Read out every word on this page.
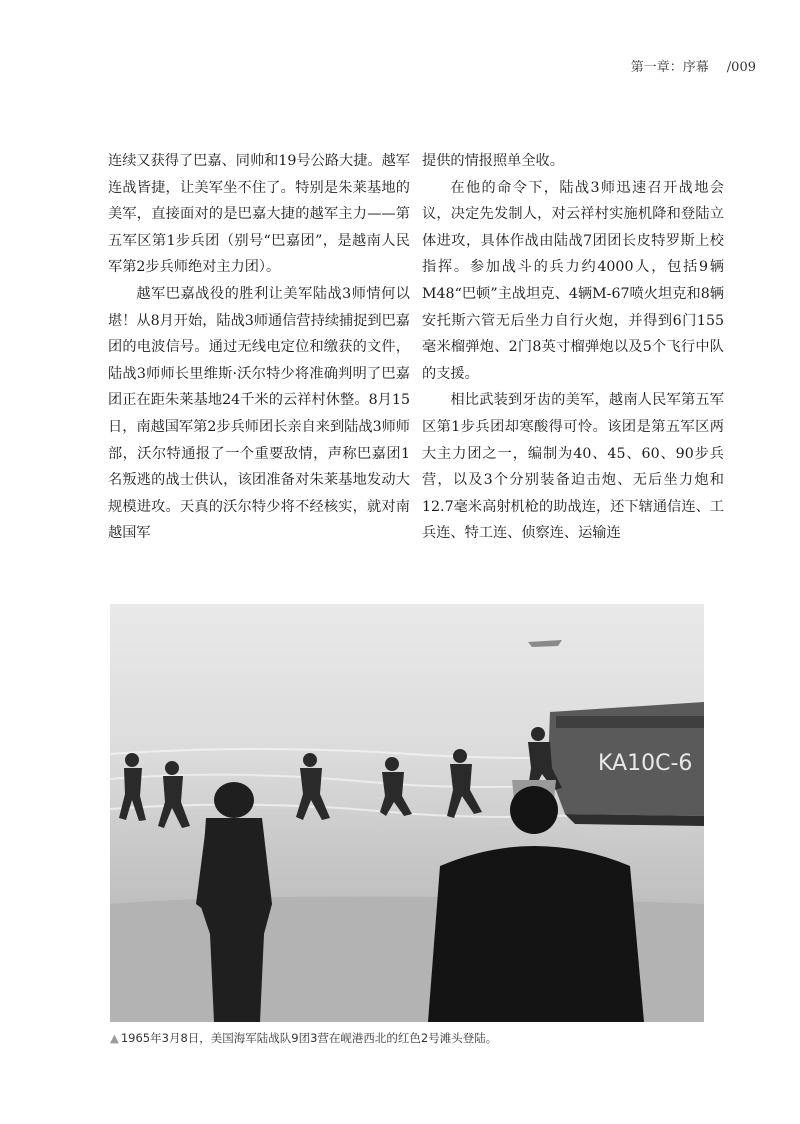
第一章：序幕 /009

连续又获得了巴嘉、同帅和19号公路大捷。越军连战皆捷，让美军坐不住了。特别是朱莱基地的美军，直接面对的是巴嘉大捷的越军主力——第五军区第1步兵团（别号“巴嘉团”，是越南人民军第2步兵师绝对主力团）。

越军巴嘉战役的胜利让美军陆战3师情何以堪！从8月开始，陆战3师通信营持续捕捉到巴嘉团的电波信号。通过无线电定位和缴获的文件，陆战3师师长里维斯·沃尔特少将准确判明了巴嘉团正在距朱莱基地24千米的云祥村休整。8月15日，南越国军第2步兵师团长亲自来到陆战3师师部，沃尔特通报了一个重要敌情，声称巴嘉团1名叛逃的战士供认，该团准备对朱莱基地发动大规模进攻。天真的沃尔特少将不经核实，就对南越国军

提供的情报照单全收。

在他的命令下，陆战3师迅速召开战地会议，决定先发制人，对云祥村实施机降和登陆立体进攻，具体作战由陆战7团团长皮特罗斯上校指挥。参加战斗的兵力约4000人，包括9辆M48“巴顿”主战坦克、4辆M-67喷火坦克和8辆安托斯六管无后坐力自行火炮，并得到6门155毫米榴弹炮、2门8英寸榴弹炮以及5个飞行中队的支援。

相比武装到牙齿的美军，越南人民军第五军区第1步兵团却寒酸得可怜。该团是第五军区两大主力团之一，编制为40、45、60、90步兵营，以及3个分别装备迫击炮、无后坐力炮和12.7毫米高射机枪的助战连，还下辖通信连、工兵连、特工连、侦察连、运输连

KA10C-6
▲ 1965年3月8日，美国海军陆战队9团3营在岘港西北的红色2号滩头登陆。
